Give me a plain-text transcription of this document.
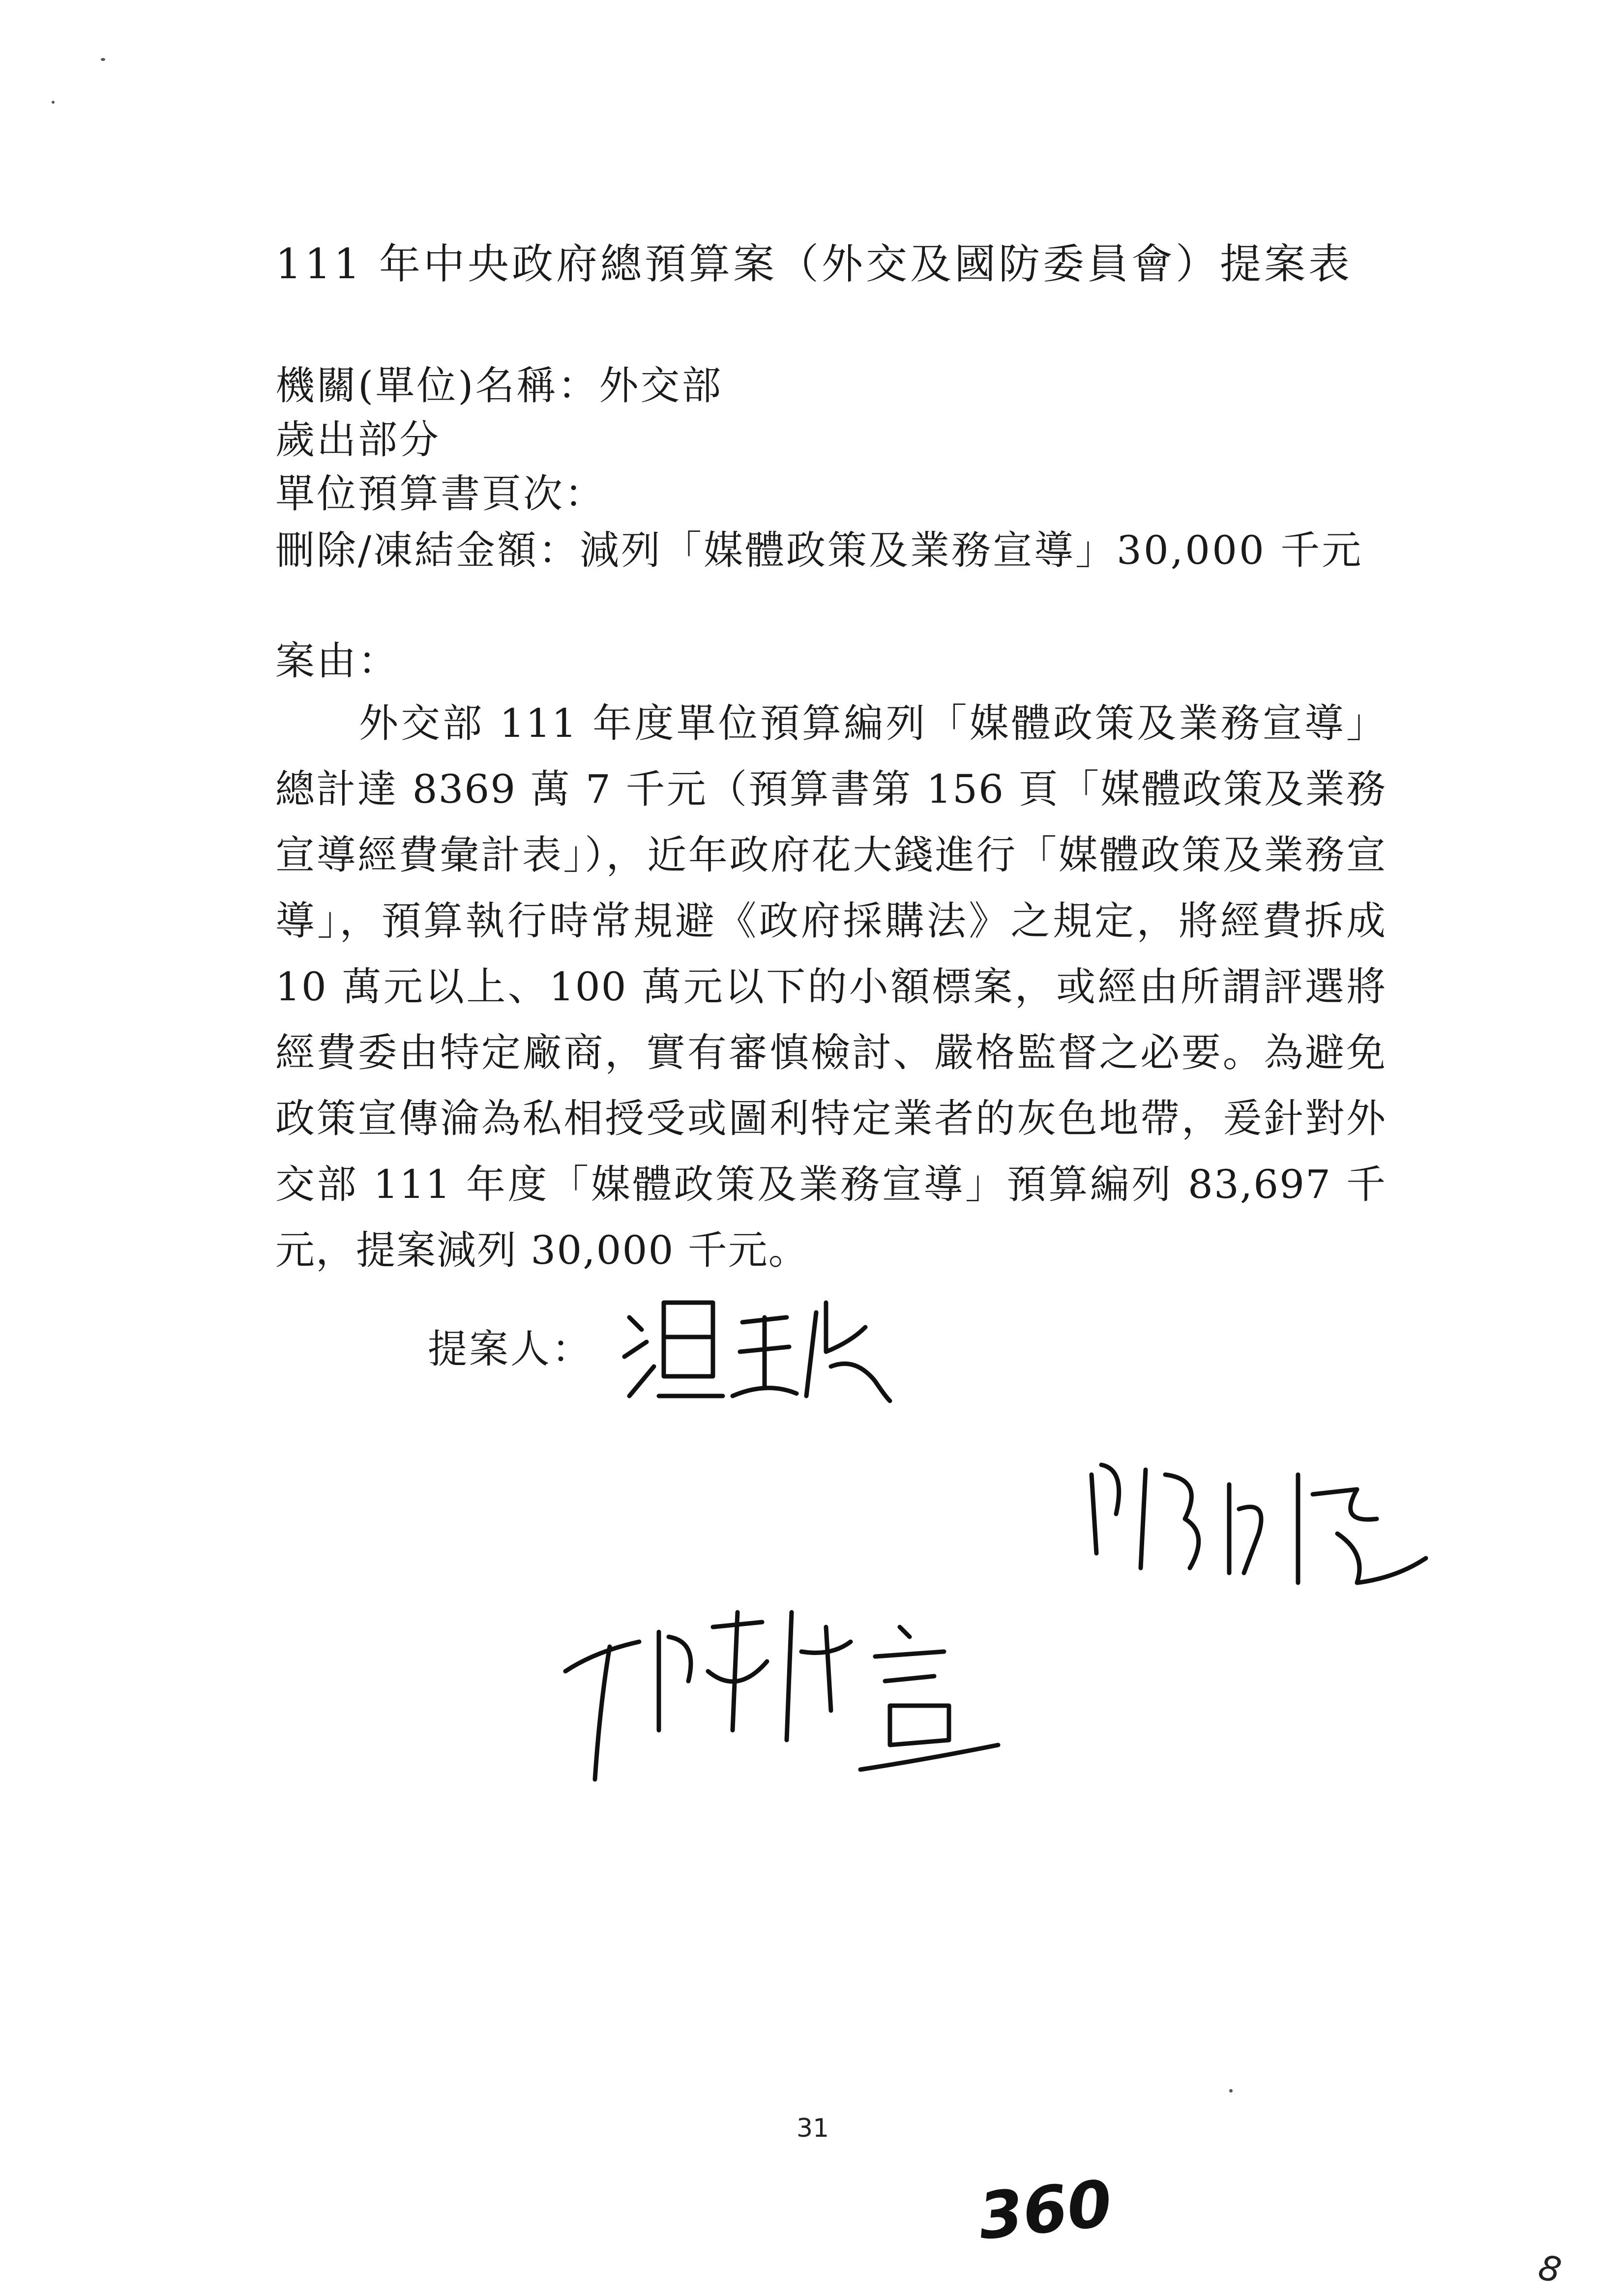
111 年中央政府總預算案（外交及國防委員會）提案表
機關(單位)名稱：外交部
歲出部分
單位預算書頁次：
刪除/凍結金額：減列「媒體政策及業務宣導」30,000 千元
案由：
外交部 111 年度單位預算編列「媒體政策及業務宣導」總計達 8369 萬 7 千元（預算書第 156 頁「媒體政策及業務宣導經費彙計表」），近年政府花大錢進行「媒體政策及業務宣導」，預算執行時常規避《政府採購法》之規定，將經費拆成 10 萬元以上、100 萬元以下的小額標案，或經由所謂評選將經費委由特定廠商，實有審慎檢討、嚴格監督之必要。為避免政策宣傳淪為私相授受或圖利特定業者的灰色地帶，爰針對外交部 111 年度「媒體政策及業務宣導」預算編列 83,697 千元，提案減列 30,000 千元。
提案人：
31
360
8
